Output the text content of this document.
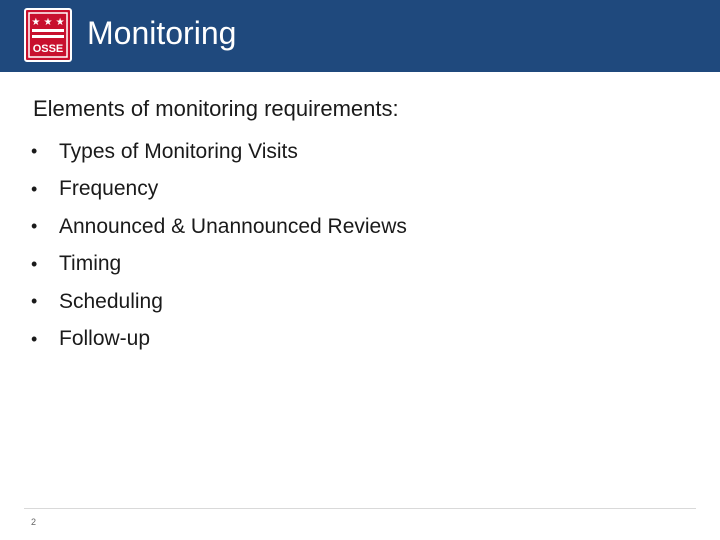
★ ★ ★
OSSE Monitoring
Elements of monitoring requirements:
•	Types of Monitoring Visits
•	Frequency
•	Announced & Unannounced Reviews
•	Timing
•	Scheduling
•	Follow-up
2
